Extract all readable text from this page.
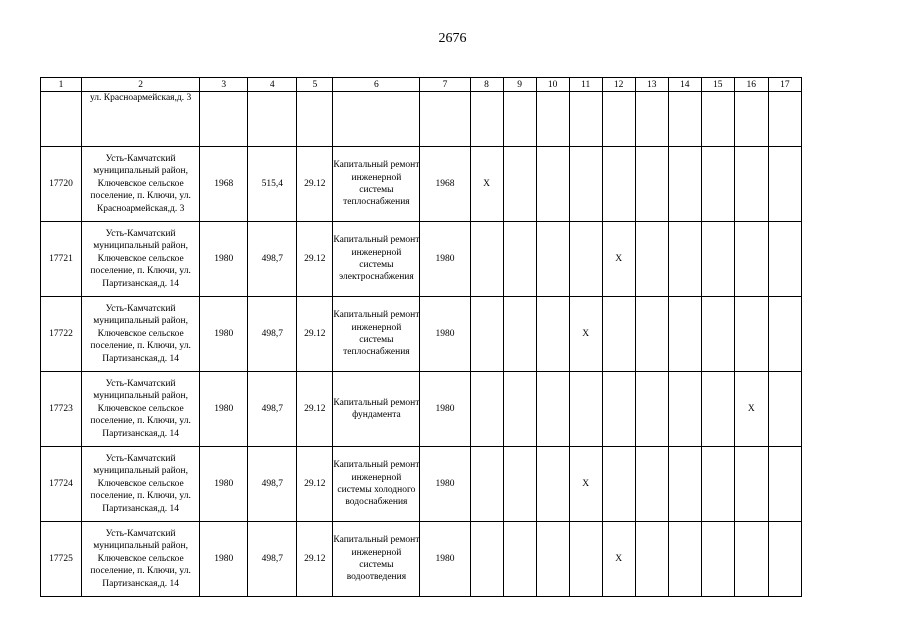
2676
1	2	3	4	5	6	7	8	9	10	11	12	13	14	15	16	17
	ул. Красноармейская,д. 3															
17720	Усть-Камчатский муниципальный район, Ключевское сельское поселение, п. Ключи, ул. Красноармейская,д. 3	1968	515,4	29.12	Капитальный ремонт инженерной системы теплоснабжения	1968	X									
17721	Усть-Камчатский муниципальный район, Ключевское сельское поселение, п. Ключи, ул. Партизанская,д. 14	1980	498,7	29.12	Капитальный ремонт инженерной системы электроснабжения	1980					X					
17722	Усть-Камчатский муниципальный район, Ключевское сельское поселение, п. Ключи, ул. Партизанская,д. 14	1980	498,7	29.12	Капитальный ремонт инженерной системы теплоснабжения	1980				X						
17723	Усть-Камчатский муниципальный район, Ключевское сельское поселение, п. Ключи, ул. Партизанская,д. 14	1980	498,7	29.12	Капитальный ремонт фундамента	1980									X	
17724	Усть-Камчатский муниципальный район, Ключевское сельское поселение, п. Ключи, ул. Партизанская,д. 14	1980	498,7	29.12	Капитальный ремонт инженерной системы холодного водоснабжения	1980				X						
17725	Усть-Камчатский муниципальный район, Ключевское сельское поселение, п. Ключи, ул. Партизанская,д. 14	1980	498,7	29.12	Капитальный ремонт инженерной системы водоотведения	1980					X					
